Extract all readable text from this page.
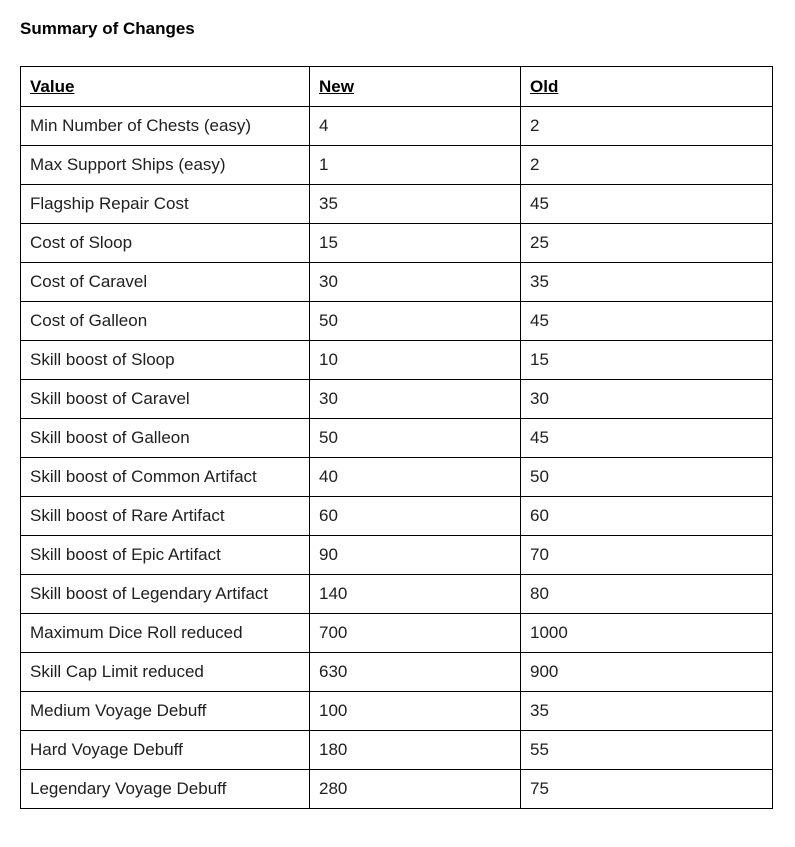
Summary of Changes
Value	New	Old
Min Number of Chests (easy)	4	2
Max Support Ships (easy)	1	2
Flagship Repair Cost	35	45
Cost of Sloop	15	25
Cost of Caravel	30	35
Cost of Galleon	50	45
Skill boost of Sloop	10	15
Skill boost of Caravel	30	30
Skill boost of Galleon	50	45
Skill boost of Common Artifact	40	50
Skill boost of Rare Artifact	60	60
Skill boost of Epic Artifact	90	70
Skill boost of Legendary Artifact	140	80
Maximum Dice Roll reduced	700	1000
Skill Cap Limit reduced	630	900
Medium Voyage Debuff	100	35
Hard Voyage Debuff	180	55
Legendary Voyage Debuff	280	75
